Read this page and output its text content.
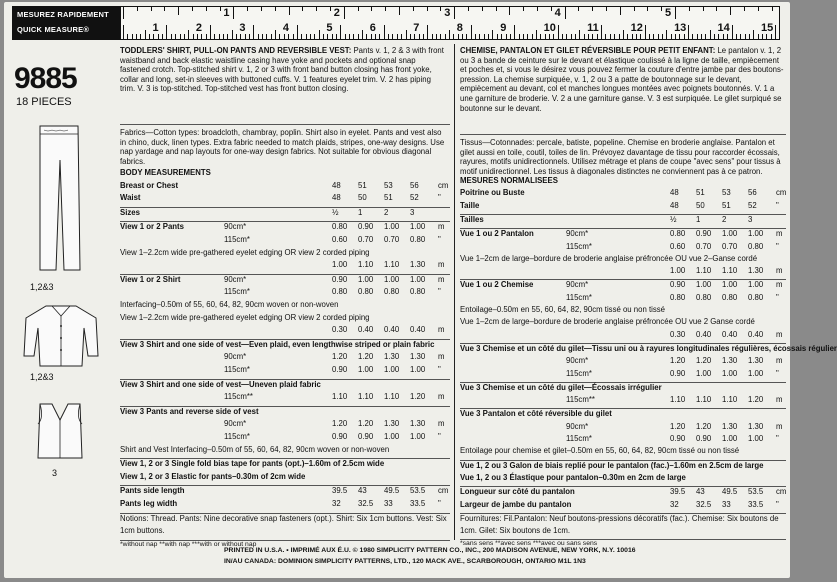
MESUREZ RAPIDEMENT
QUICK MEASURE®	1	2	3	4	5	6	7	8	9	10	11	12	13	14	15
1	2	3	4	5
9885
18 PIECES
1,2&3
1,2&3
3
TODDLERS' SHIRT, PULL-ON PANTS AND REVERSIBLE VEST: Pants v. 1, 2 & 3 with front waistband and back elastic waistline casing have yoke and pockets and optional snap fastened crotch. Top-stitched shirt v. 1, 2 or 3 with front band button closing has front yoke, collar and long, set-in sleeves with buttoned cuffs. V. 1 features eyelet trim. V. 2 has piping trim. V. 3 is top-stitched. Top-stitched vest has front button closing.
Fabrics—Cotton types: broadcloth, chambray, poplin. Shirt also in eyelet. Pants and vest also in chino, duck, linen types. Extra fabric needed to match plaids, stripes, one-way designs. Use nap yardage and nap layouts for one-way design fabrics. Not suitable for obvious diagonal fabrics.
BODY MEASUREMENTS
Breast or Chest	48 51 53 56 cm
Waist	48 50 51 52 "
Sizes	½ 1	2	3
View 1 or 2 Pants	90cm*	0.80 0.90 1.00 1.00 m
115cm*	0.60 0.70 0.70 0.80 "
View 1–2.2cm wide pre-gathered eyelet edging OR view 2 corded piping
1.00 1.10 1.10 1.30 m
View 1 or 2 Shirt	90cm*	0.90 1.00 1.00 1.00 m
115cm*	0.80 0.80 0.80 0.80 "
Interfacing–0.50m of 55, 60, 64, 82, 90cm woven or non-woven
View 1–2.2cm wide pre-gathered eyelet edging OR view 2 corded piping
0.30 0.40 0.40 0.40 m
View 3 Shirt and one side of vest—Even plaid, even lengthwise striped or plain fabric
90cm*	1.20 1.20 1.30 1.30 m
115cm*	0.90 1.00 1.00 1.00 "
View 3 Shirt and one side of vest—Uneven plaid fabric
115cm**	1.10 1.10 1.10 1.20 m
View 3 Pants and reverse side of vest
90cm*	1.20 1.20 1.30 1.30 m
115cm*	0.90 0.90 1.00 1.00 "
Shirt and Vest Interfacing–0.50m of 55, 60, 64, 82, 90cm woven or non-woven
View 1, 2 or 3 Single fold bias tape for pants (opt.)–1.60m of 2.5cm wide
View 1, 2 or 3 Elastic for pants–0.30m of 2cm wide
Pants side length	39.5 43 49.5 53.5 cm
Pants leg width	32 32.5 33 33.5 "
Notions: Thread. Pants: Nine decorative snap fasteners (opt.). Shirt: Six 1cm buttons. Vest: Six
1cm buttons.
*without nap **with nap ***with or without nap
CHEMISE, PANTALON ET GILET RÉVERSIBLE POUR PETIT ENFANT: Le pantalon v. 1, 2 ou 3 a bande de ceinture sur le devant et élastique coulissé à la ligne de taille, empiècement et poches et, si vous le désirez vous pouvez fermer la couture d'entre jambe par des boutons-pression. La chemise surpiquée, v. 1, 2 ou 3 a patte de boutonnage sur le devant, empiècement au devant, col et manches longues montées avec poignets boutonnés. V. 1 a une garniture de broderie. V. 2 a une garniture ganse. V. 3 est surpiquée. Le gilet surpiqué se boutonne sur le devant.
Tissus—Cotonnades: percale, batiste, popeline. Chemise en broderie anglaise. Pantalon et gilet aussi en toile, coutil, toiles de lin. Prévoyez davantage de tissu pour raccorder écossais, rayures, motifs unidirectionnels. Utilisez métrage et plans de coupe "avec sens" pour tissus à motif unidirectionnel. Les tissus à diagonales distinctes ne conviennent pas à ce patron.
MESURES NORMALISEES
Poitrine ou Buste	48 51 53 56 cm
Taille	48 50 51 52 "
Tailles	½ 1	2	3
Vue 1 ou 2 Pantalon	90cm*	0.80 0.90 1.00 1.00 m
115cm*	0.60 0.70 0.70 0.80 "
Vue 1–2cm de large–bordure de broderie anglaise préfroncée OU vue 2–Ganse cordé
1.00 1.10 1.10 1.30 m
Vue 1 ou 2 Chemise	90cm*	0.90 1.00 1.00 1.00 m
115cm*	0.80 0.80 0.80 0.80 "
Entoilage–0.50m en 55, 60, 64, 82, 90cm tissé ou non tissé
Vue 1–2cm de large–bordure de broderie anglaise préfroncée OU vue 2 Ganse cordé
0.30 0.40 0.40 0.40 m
Vue 3 Chemise et un côté du gilet—Tissu uni ou à rayures longitudinales régulières, écossais régulier
90cm*	1.20 1.20 1.30 1.30 m
115cm*	0.90 1.00 1.00 1.00 "
Vue 3 Chemise et un côté du gilet—Écossais irrégulier
115cm**	1.10 1.10 1.10 1.20 m
Vue 3 Pantalon et côté réversible du gilet
90cm*	1.20 1.20 1.30 1.30 m
115cm*	0.90 0.90 1.00 1.00 "
Entoilage pour chemise et gilet–0.50m en 55, 60, 64, 82, 90cm tissé ou non tissé
Vue 1, 2 ou 3 Galon de biais replié pour le pantalon (fac.)–1.60m en 2.5cm de large
Vue 1, 2 ou 3 Élastique pour pantalon–0.30m en 2cm de large
Longueur sur côté du pantalon	39.5 43 49.5 53.5 cm
Largeur de jambe du pantalon	32 32.5 33 33.5 "
Fournitures: Fil.Pantalon: Neuf boutons-pressions décoratifs (fac.). Chemise: Six boutons de
1cm. Gilet: Six boutons de 1cm.
*sans sens **avec sens ***avec ou sans sens
PRINTED IN U.S.A. • IMPRIMÉ AUX É.U. © 1980 SIMPLICITY PATTERN CO., INC., 200 MADISON AVENUE, NEW YORK, N.Y. 10016
IN/AU CANADA: DOMINION SIMPLICITY PATTERNS, LTD., 120 MACK AVE., SCARBOROUGH, ONTARIO M1L 1N3
